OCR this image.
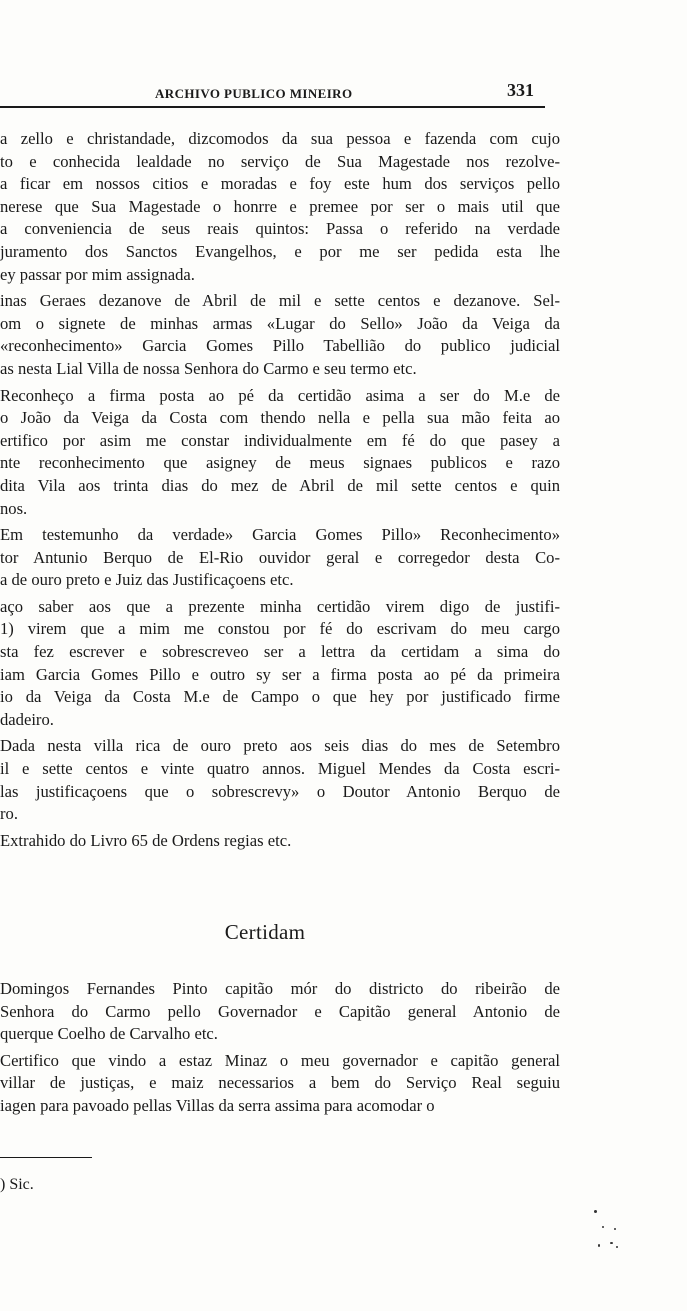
ARCHIVO PUBLICO MINEIRO	331
a zello e christandade, dizcomodos da sua pessoa e fazenda com cujo
to e conhecida lealdade no serviço de Sua Magestade nos rezolve-
a ficar em nossos citios e moradas e foy este hum dos serviços pello
nerese que Sua Magestade o honrre e premee por ser o mais util que
a conveniencia de seus reais quintos: Passa o referido na verdade
juramento dos Sanctos Evangelhos, e por me ser pedida esta lhe
ey passar por mim assignada.
inas Geraes dezanove de Abril de mil e sette centos e dezanove. Sel-
om o signete de minhas armas «Lugar do Sello» João da Veiga da
«reconhecimento» Garcia Gomes Pillo Tabellião do publico judicial
as nesta Lial Villa de nossa Senhora do Carmo e seu termo etc.
Reconheço a firma posta ao pé da certidão asima a ser do M.e de
o João da Veiga da Costa com thendo nella e pella sua mão feita ao
ertifico por asim me constar individualmente em fé do que pasey a
nte reconhecimento que asigney de meus signaes publicos e razo
dita Vila aos trinta dias do mez de Abril de mil sette centos e quin
nos.
Em testemunho da verdade» Garcia Gomes Pillo» Reconhecimento»
tor Antunio Berquo de El-Rio ouvidor geral e corregedor desta Co-
a de ouro preto e Juiz das Justificaçoens etc.
aço saber aos que a prezente minha certidão virem digo de justifi-
1) virem que a mim me constou por fé do escrivam do meu cargo
sta fez escrever e sobrescreveo ser a lettra da certidam a sima do
iam Garcia Gomes Pillo e outro sy ser a firma posta ao pé da primeira
io da Veiga da Costa M.e de Campo o que hey por justificado firme
dadeiro.
Dada nesta villa rica de ouro preto aos seis dias do mes de Setembro
il e sette centos e vinte quatro annos. Miguel Mendes da Costa escri-
las justificaçoens que o sobrescrevy» o Doutor Antonio Berquo de
ro.
Extrahido do Livro 65 de Ordens regias etc.
Certidam
Domingos Fernandes Pinto capitão mór do districto do ribeirão de
Senhora do Carmo pello Governador e Capitão general Antonio de
querque Coelho de Carvalho etc.
Certifico que vindo a estaz Minaz o meu governador e capitão general
villar de justiças, e maiz necessarios a bem do Serviço Real seguiu
iagen para pavoado pellas Villas da serra assima para acomodar o
) Sic.
